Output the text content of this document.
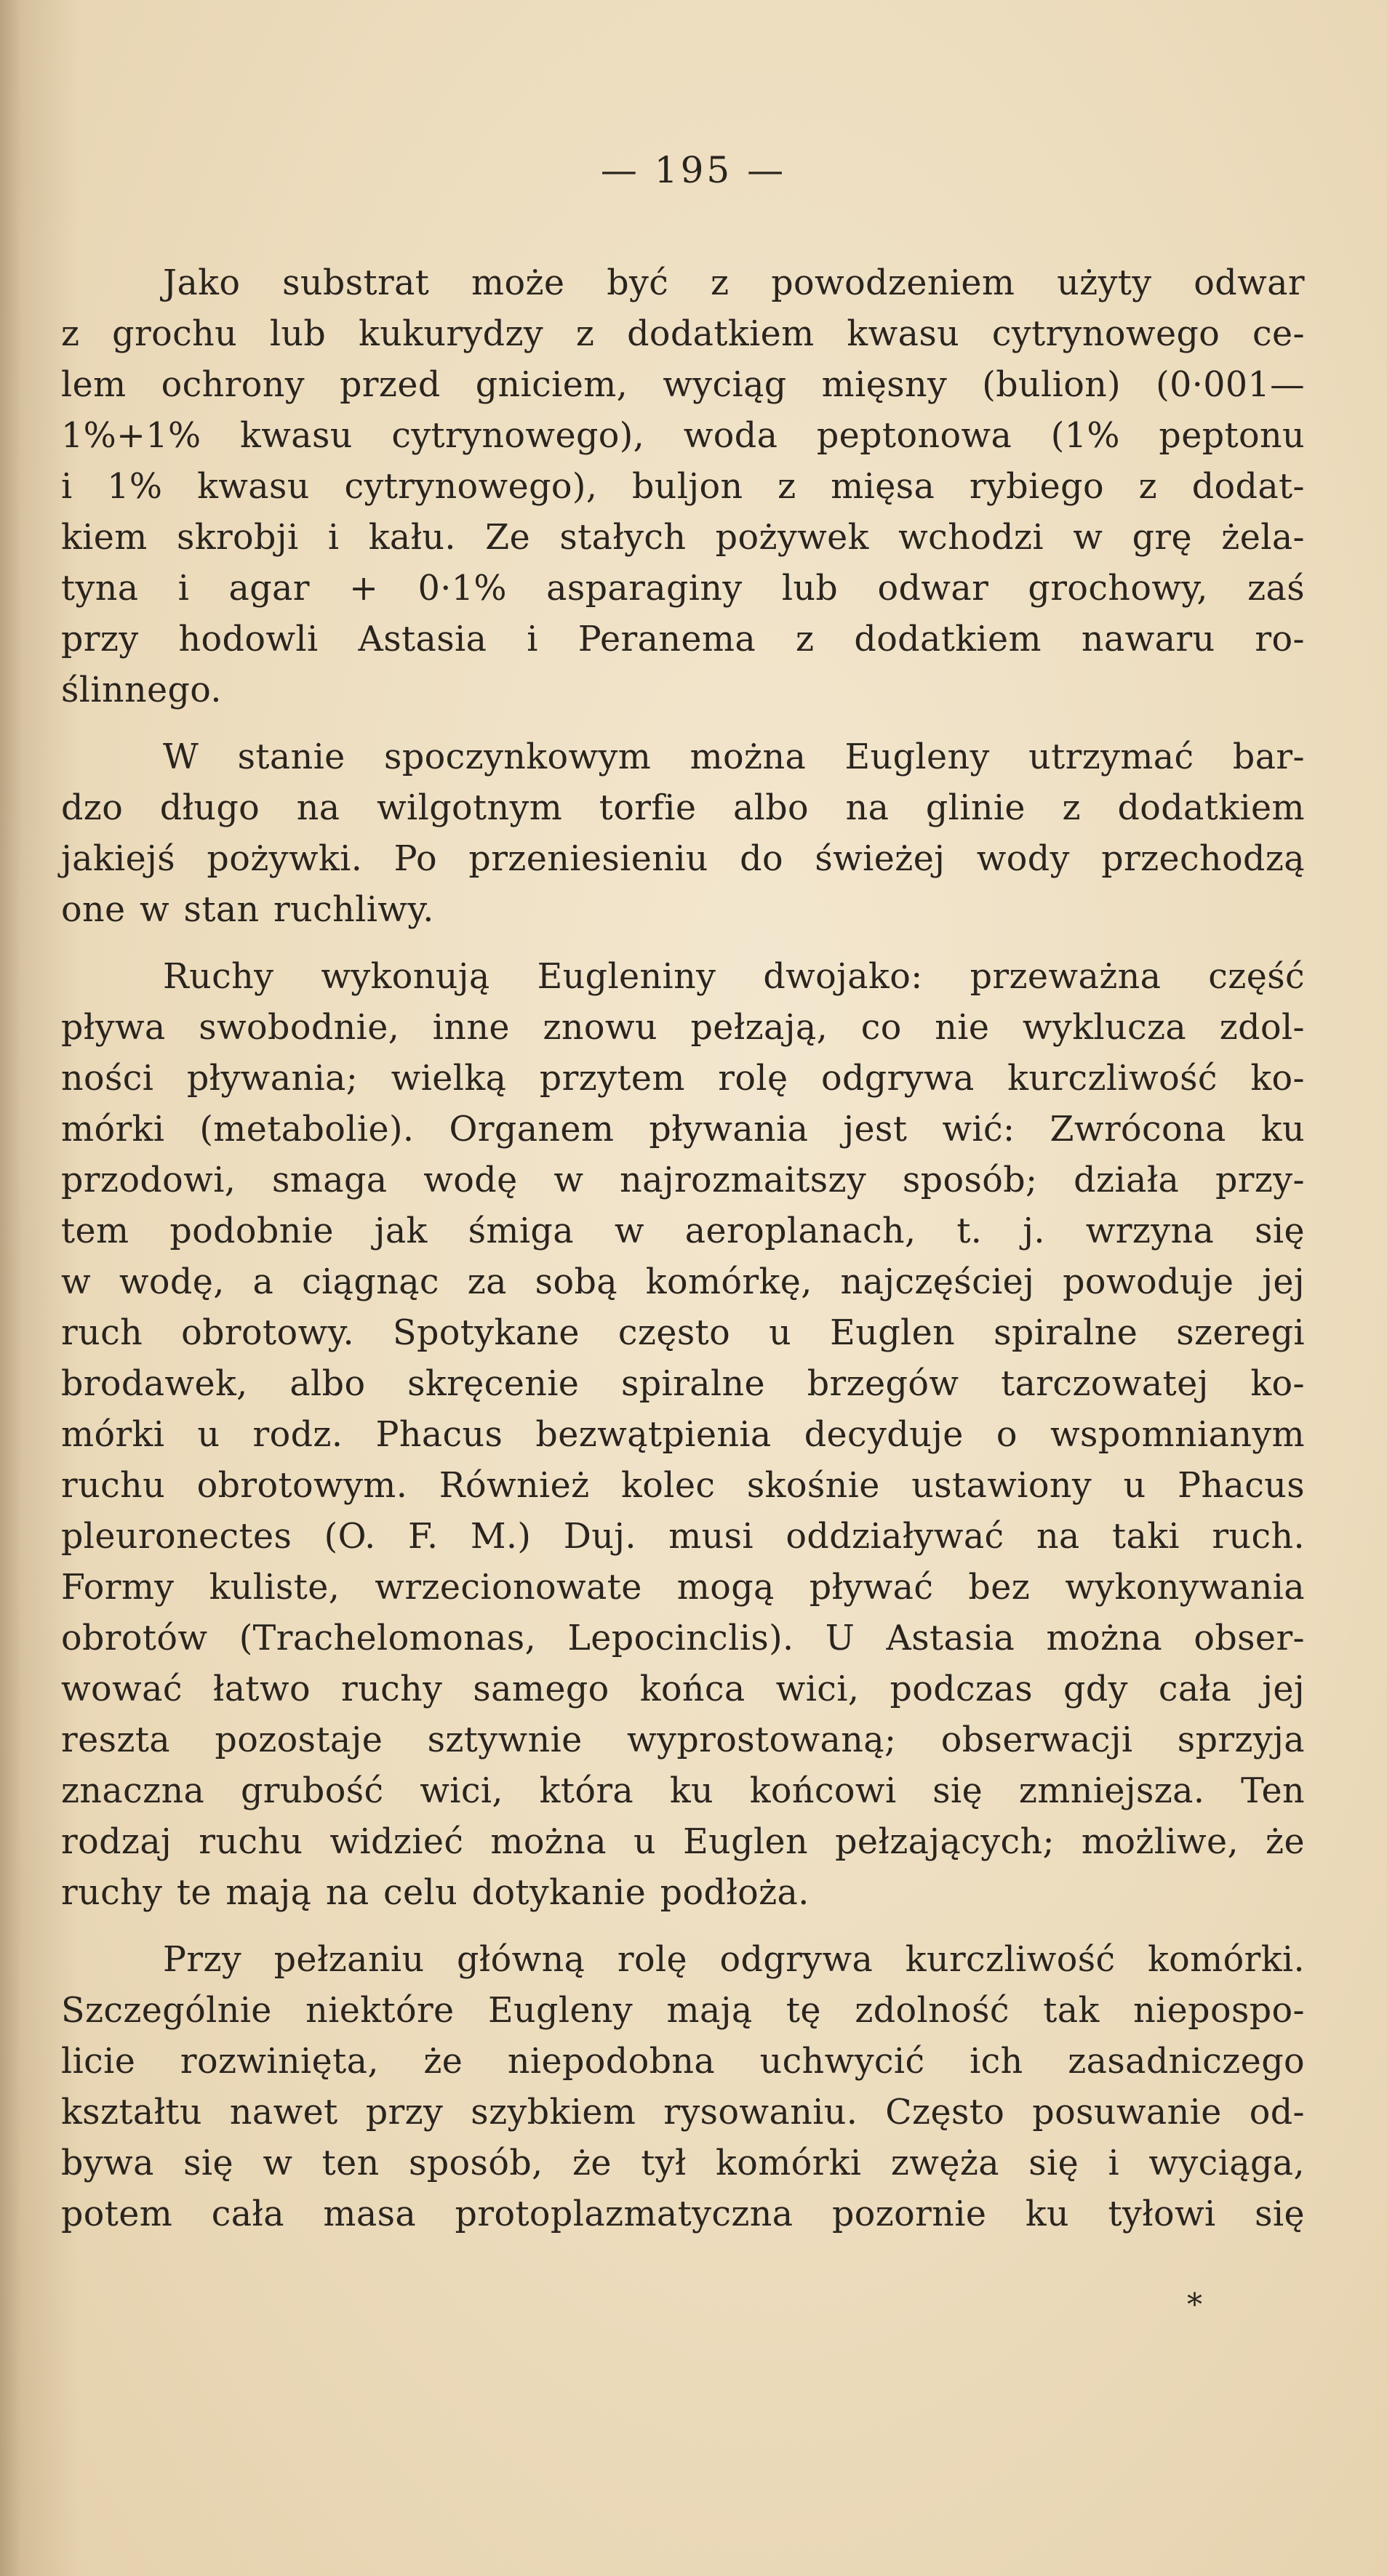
— 195 —
Jako substrat może być z powodzeniem użyty odwar
z grochu lub kukurydzy z dodatkiem kwasu cytrynowego ce-
lem ochrony przed gniciem, wyciąg mięsny (bulion) (0·001—
1%+1% kwasu cytrynowego), woda peptonowa (1% peptonu
i 1% kwasu cytrynowego), buljon z mięsa rybiego z dodat-
kiem skrobji i kału. Ze stałych pożywek wchodzi w grę żela-
tyna i agar + 0·1% asparaginy lub odwar grochowy, zaś
przy hodowli Astasia i Peranema z dodatkiem nawaru ro-
ślinnego.
W stanie spoczynkowym można Eugleny utrzymać bar-
dzo długo na wilgotnym torfie albo na glinie z dodatkiem
jakiejś pożywki. Po przeniesieniu do świeżej wody przechodzą
one w stan ruchliwy.
Ruchy wykonują Eugleniny dwojako: przeważna część
pływa swobodnie, inne znowu pełzają, co nie wyklucza zdol-
ności pływania; wielką przytem rolę odgrywa kurczliwość ko-
mórki (metabolie). Organem pływania jest wić: Zwrócona ku
przodowi, smaga wodę w najrozmaitszy sposób; działa przy-
tem podobnie jak śmiga w aeroplanach, t. j. wrzyna się
w wodę, a ciągnąc za sobą komórkę, najczęściej powoduje jej
ruch obrotowy. Spotykane często u Euglen spiralne szeregi
brodawek, albo skręcenie spiralne brzegów tarczowatej ko-
mórki u rodz. Phacus bezwątpienia decyduje o wspomnianym
ruchu obrotowym. Również kolec skośnie ustawiony u Phacus
pleuronectes (O. F. M.) Duj. musi oddziaływać na taki ruch.
Formy kuliste, wrzecionowate mogą pływać bez wykonywania
obrotów (Trachelomonas, Lepocinclis). U Astasia można obser-
wować łatwo ruchy samego końca wici, podczas gdy cała jej
reszta pozostaje sztywnie wyprostowaną; obserwacji sprzyja
znaczna grubość wici, która ku końcowi się zmniejsza. Ten
rodzaj ruchu widzieć można u Euglen pełzających; możliwe, że
ruchy te mają na celu dotykanie podłoża.
Przy pełzaniu główną rolę odgrywa kurczliwość komórki.
Szczególnie niektóre Eugleny mają tę zdolność tak niepospo-
licie rozwinięta, że niepodobna uchwycić ich zasadniczego
kształtu nawet przy szybkiem rysowaniu. Często posuwanie od-
bywa się w ten sposób, że tył komórki zwęża się i wyciąga,
potem cała masa protoplazmatyczna pozornie ku tyłowi się
*
